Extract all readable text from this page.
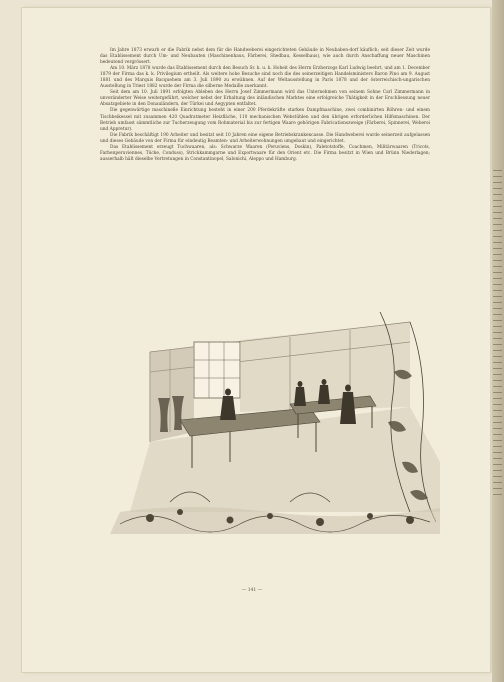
Im Jahre 1873 erwarb er die Fabrik nebst dem für die Handweberei eingerichteten Gebäude in Neubaben-dorf käuflich; seit dieser Zeit wurde das Etablissement durch Um- und Neubauten (Maschinenhaus, Färberei, Shedbau, Kesselhaus), wie auch durch Anschaffung neuer Maschinen bedeutend vergrössert.

Am 10. März 1878 wurde das Etablissement durch den Besuch Sr. k. u. k. Hoheit des Herrn Erzherzogs Karl Ludwig beehrt, und am 1. December 1879 der Firma das k. k. Privilegium ertheilt. Als weitere hohe Besuche sind noch die des seinerzeitigen Handelsministers Baron Pino am 9. August 1881 und des Marquis Bacquehem am 3. Juli 1890 zu erwähnen. Auf der Weltausstellung in Paris 1878 und der österreichisch-ungarischen Ausstellung in Triest 1882 wurde der Firma die silberne Medaille zuerkannt.

Seit dem am 10. Juli 1891 erfolgten Ableben des Herrn Josef Zimmermann wird das Unternehmen von seinem Sohne Carl Zimmermann in unveränderter Weise weitergeführt, welcher nebst der Erhaltung des inländischen Marktes eine erfolgreiche Thätigkeit in der Erschliessung neuer Absatzgebiete in den Donauländern, der Türkei und Aegypten entfaltet.

Die gegenwärtige maschinelle Einrichtung besteht in einer 200 Pferdekräfte starken Dampfmaschine, zwei combinirten Röhren- und einem Tischbeikessel mit zusammen 420 Quadratmeter Heizfläche, 110 mechanischen Webstühlen und den übrigen erforderlichen Hilfsmaschinen. Der Betrieb umfasst sämmtliche zur Tucherzeugung vom Rohmaterial bis zur fertigen Waare gehörigen Fabricationszweige (Färberei, Spinnerei, Weberei und Appretur).

Die Fabrik beschäftigt 190 Arbeiter und besitzt seit 10 Jahren eine eigene Betriebskrankencasse. Die Handweberei wurde seinerzeit aufgelassen und dieses Gebäude von der Firma für eindeutig Beamten- und Arbeiterwohnungen umgebaut und eingerichtet.

Das Etablissement erzeugt Tuchwaaren, als: Schwarze Waaren (Peruviens, Doskin), Paletotstoffe, Coachmen, Militärwaaren (Tricots, Farbenperuviennes, Tücke, Conduss), Strickkammgarne und Exportwaare für den Orient etc. Die Firma besitzt in Wien und Brünn Niederlagen; ausserhalb hält dieselbe Vertretungen in Constantinopel, Salonichi, Aleppo und Hamburg.

— 141 —
